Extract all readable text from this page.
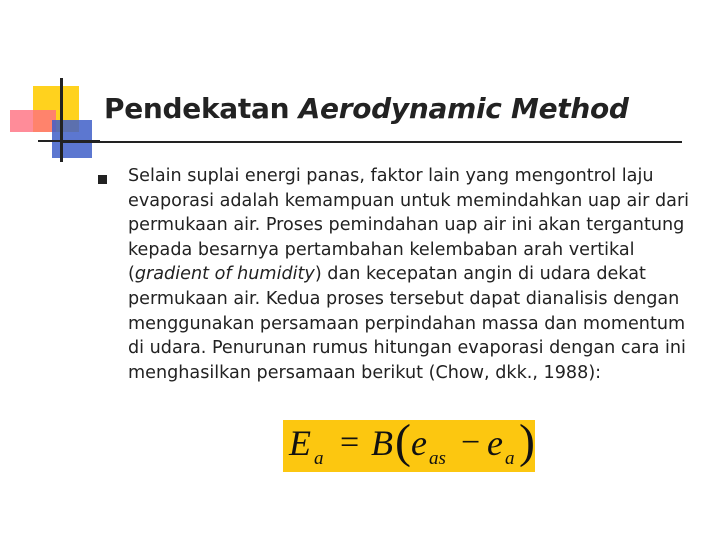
Pendekatan Aerodynamic Method
Selain suplai energi panas, faktor lain yang mengontrol laju evaporasi adalah kemampuan untuk memindahkan uap air dari permukaan air. Proses pemindahan uap air ini akan tergantung kepada besarnya pertambahan kelembaban arah vertikal (gradient of humidity) dan kecepatan angin di udara dekat permukaan air. Kedua proses tersebut dapat dianalisis dengan menggunakan persamaan perpindahan massa dan momentum di udara. Penurunan rumus hitungan evaporasi dengan cara ini menghasilkan persamaan berikut (Chow, dkk., 1988):
E a = B ( e as − e a )
